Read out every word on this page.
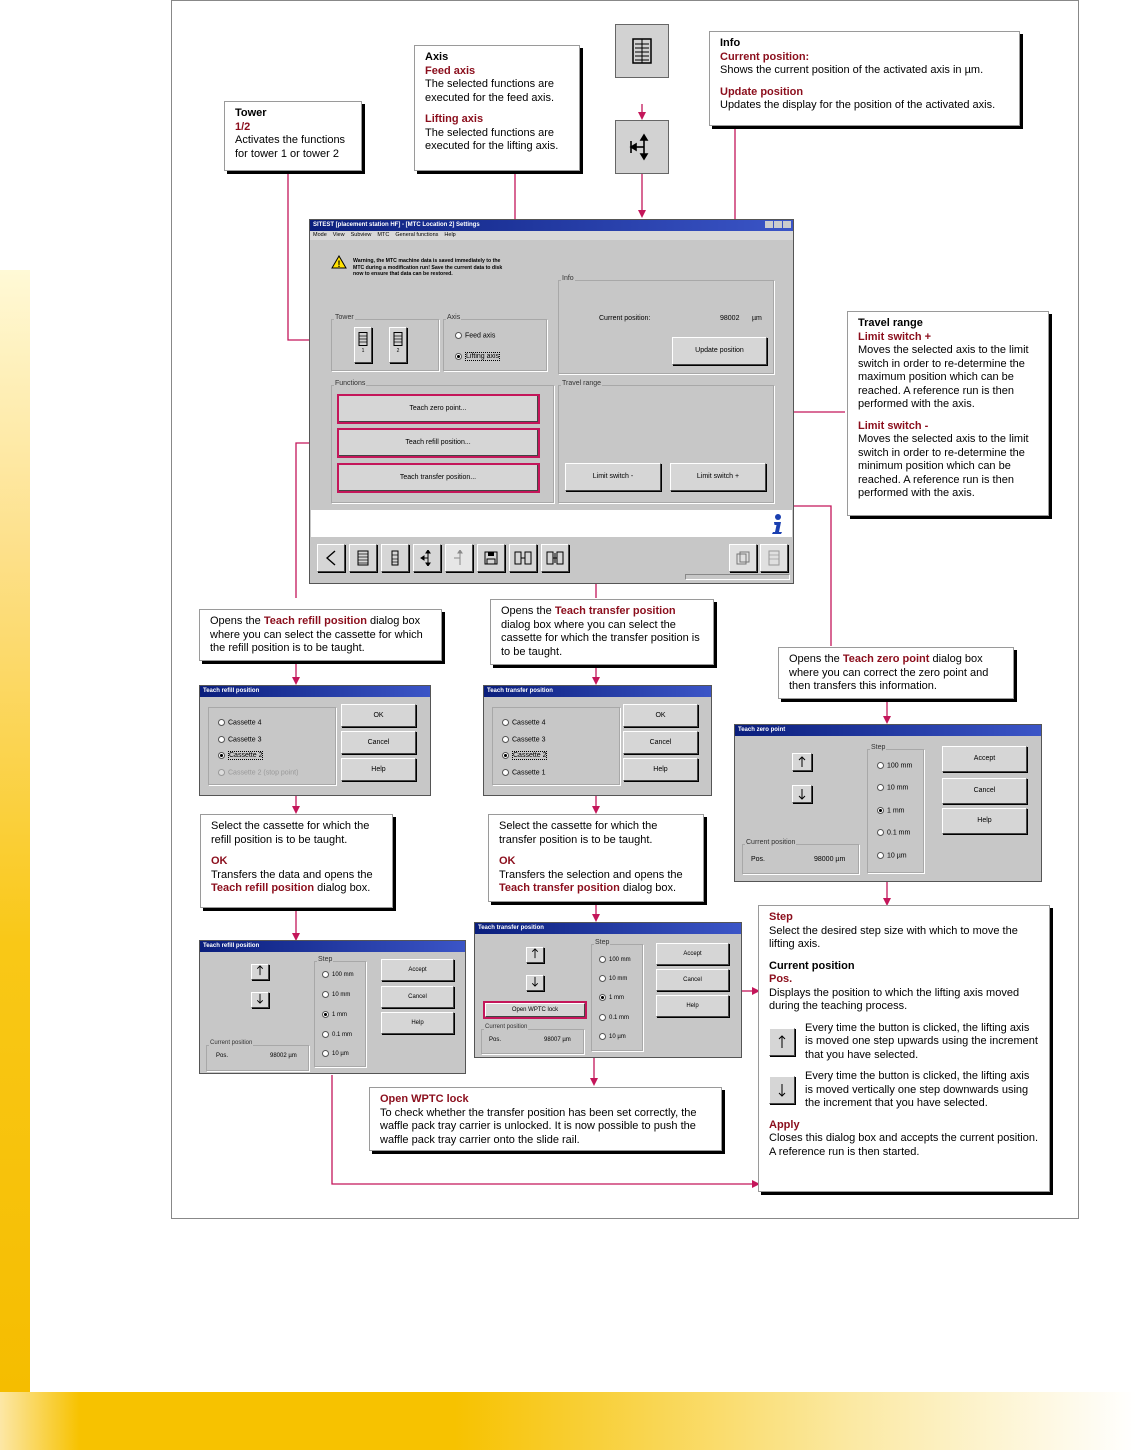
Tower
1/2

Activates the functions for tower 1 or tower 2

Axis
Feed axis

The selected functions are executed for the feed axis.

Lifting axis

The selected functions are executed for the lifting axis.

Info
Current position:

Shows the current position of the activated axis in µm.

Update position

Updates the display for the position of the activated axis.

Travel range
Limit switch +

Moves the selected axis to the limit switch in order to re-determine the maximum position which can be reached. A reference run is then performed with the axis.

Limit switch -

Moves the selected axis to the limit switch in order to re-determine the minimum position which can be reached. A reference run is then performed with the axis.

SITEST [placement station HF] - [MTC Location 2] Settings
Mode View Subview MTC General functions Help
! Warning, the MTC machine data is saved immediately to the MTC during a modification run! Save the current data to disk now to ensure that data can be restored.
Tower
1	2
Axis
Feed axis
Lifting axis
Info
Current position:	98002 µm
Update position
Functions
Teach zero point...
Teach refill position...
Teach transfer position...
Travel range
Limit switch -	Limit switch +
Opens the Teach refill position dialog box where you can select the cassette for which the refill position is to be taught.
Opens the Teach transfer position dialog box where you can select the cassette for which the transfer position is to be taught.
Opens the Teach zero point dialog box where you can correct the zero point and then transfers this information.
Teach refill position
Cassette 4
Cassette 3
Cassette 2
Cassette 2 (stop point)
OK
Cancel
Help
Teach transfer position
Cassette 4
Cassette 3
Cassette 2
Cassette 1
OK
Cancel
Help
Teach zero point
Step
100 mm
10 mm
1 mm
0.1 mm
10 µm
Accept
Cancel
Help
Current position
Pos.	98000 µm

Select the cassette for which the refill position is to be taught.

OK

Transfers the data and opens the Teach refill position dialog box.

Select the cassette for which the transfer position is to be taught.

OK

Transfers the selection and opens the Teach transfer position dialog box.

Teach refill position
Step
100 mm
10 mm
1 mm
0.1 mm
10 µm
Accept
Cancel
Help
Current position
Pos.	98002 µm
Teach transfer position
Open WPTC lock
Step
100 mm
10 mm
1 mm
0.1 mm
10 µm
Accept
Cancel
Help
Current position
Pos.	98007 µm
Open WPTC lock

To check whether the transfer position has been set correctly, the waffle pack tray carrier is unlocked. It is now possible to push the waffle pack tray carrier onto the slide rail.

Step

Select the desired step size with which to move the lifting axis.

Current position
Pos.

Displays the position to which the lifting axis moved during the teaching process.

Every time the button is clicked, the lifting axis is moved one step upwards using the increment that you have selected.

Every time the button is clicked, the lifting axis is moved vertically one step downwards using the increment that you have selected.

Apply

Closes this dialog box and accepts the current position. A reference run is then started.
